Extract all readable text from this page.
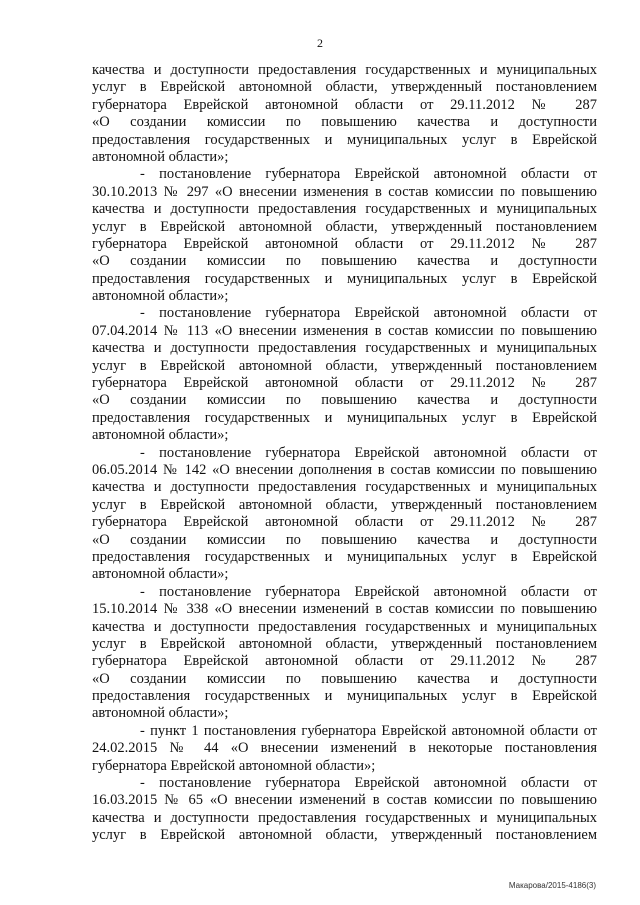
2
качества и доступности предоставления государственных и муниципальных
услуг в Еврейской автономной области, утвержденный постановлением
губернатора Еврейской автономной области от 29.11.2012 № 287
«О создании комиссии по повышению качества и доступности
предоставления государственных и муниципальных услуг в Еврейской
автономной области»;
- постановление губернатора Еврейской автономной области от
30.10.2013 № 297 «О внесении изменения в состав комиссии по повышению
качества и доступности предоставления государственных и муниципальных
услуг в Еврейской автономной области, утвержденный постановлением
губернатора Еврейской автономной области от 29.11.2012 № 287
«О создании комиссии по повышению качества и доступности
предоставления государственных и муниципальных услуг в Еврейской
автономной области»;
- постановление губернатора Еврейской автономной области от
07.04.2014 № 113 «О внесении изменения в состав комиссии по повышению
качества и доступности предоставления государственных и муниципальных
услуг в Еврейской автономной области, утвержденный постановлением
губернатора Еврейской автономной области от 29.11.2012 № 287
«О создании комиссии по повышению качества и доступности
предоставления государственных и муниципальных услуг в Еврейской
автономной области»;
- постановление губернатора Еврейской автономной области от
06.05.2014 № 142 «О внесении дополнения в состав комиссии по повышению
качества и доступности предоставления государственных и муниципальных
услуг в Еврейской автономной области, утвержденный постановлением
губернатора Еврейской автономной области от 29.11.2012 № 287
«О создании комиссии по повышению качества и доступности
предоставления государственных и муниципальных услуг в Еврейской
автономной области»;
- постановление губернатора Еврейской автономной области от
15.10.2014 № 338 «О внесении изменений в состав комиссии по повышению
качества и доступности предоставления государственных и муниципальных
услуг в Еврейской автономной области, утвержденный постановлением
губернатора Еврейской автономной области от 29.11.2012 № 287
«О создании комиссии по повышению качества и доступности
предоставления государственных и муниципальных услуг в Еврейской
автономной области»;
- пункт 1 постановления губернатора Еврейской автономной области от
24.02.2015 № 44 «О внесении изменений в некоторые постановления
губернатора Еврейской автономной области»;
- постановление губернатора Еврейской автономной области от
16.03.2015 № 65 «О внесении изменений в состав комиссии по повышению
качества и доступности предоставления государственных и муниципальных
услуг в Еврейской автономной области, утвержденный постановлением
Макарова/2015-4186(3)
